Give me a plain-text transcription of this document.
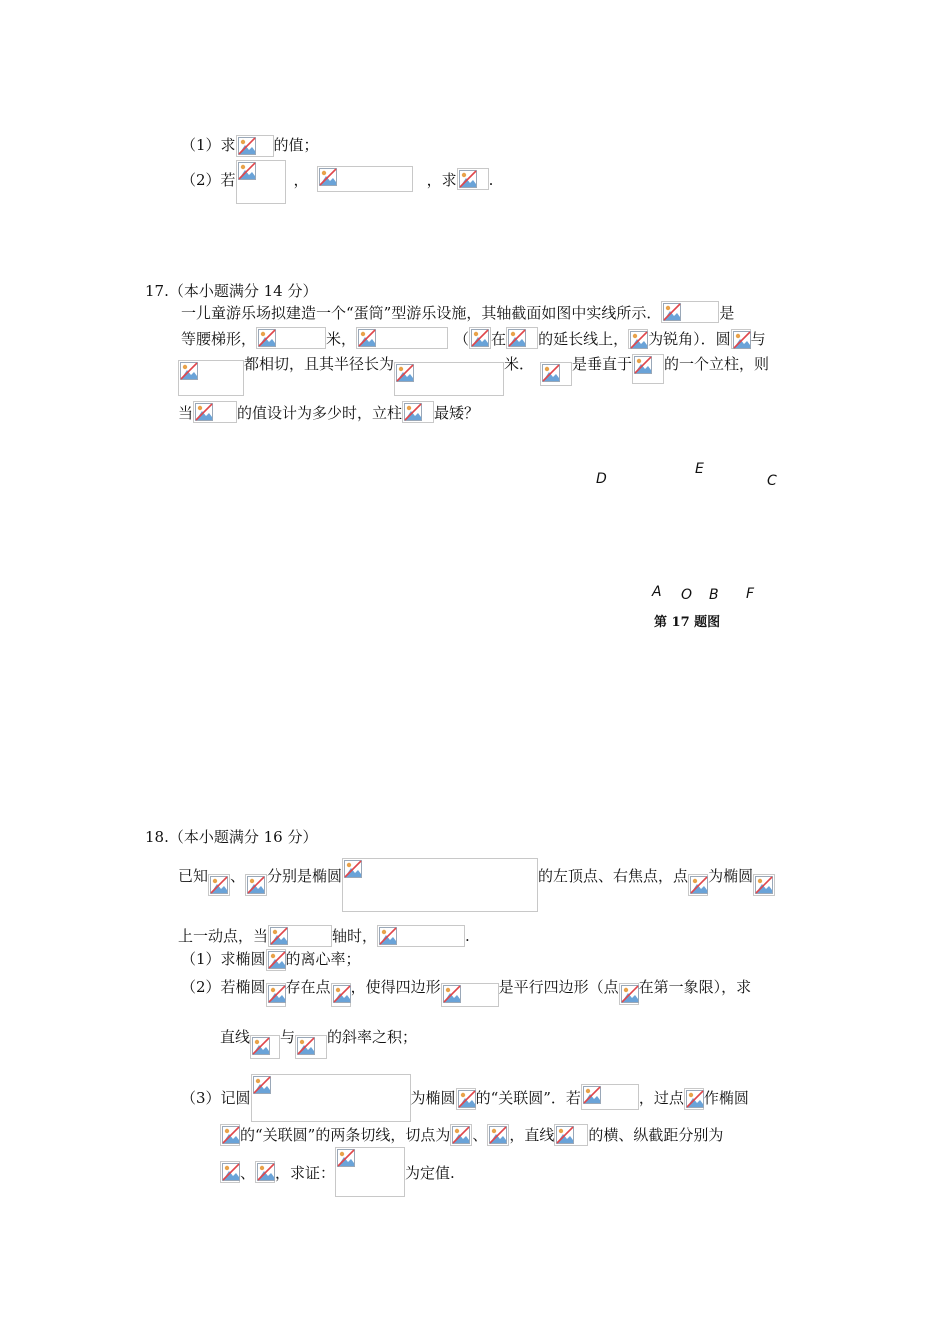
（1）求	的值；
（2）若	，	，求 .
17.（本小题满分 14 分）
一儿童游乐场拟建造一个“蛋筒”型游乐设施，其轴截面如图中实线所示．	是
等腰梯形，	米，	（ 在 的延长线上， 为锐角）．圆 与
都相切，且其半径长为	米．	是垂直于 的一个立柱，则
当	的值设计为多少时，立柱 最矮？
D
E
C
A O B F
第 17 题图
18.（本小题满分 16 分）
已知 、 分别是椭圆	的左顶点、右焦点，点 为椭圆
上一动点，当	轴时，	.
（1）求椭圆 的离心率；
（2）若椭圆 存在点 ，使得四边形	是平行四边形（点 在第一象限），求
直线 与 的斜率之积；
（3）记圆	为椭圆 的“关联圆”．若	，过点 作椭圆
的“关联圆”的两条切线，切点为 、 ，直线 的横、纵截距分别为
、 ，求证：	为定值.
